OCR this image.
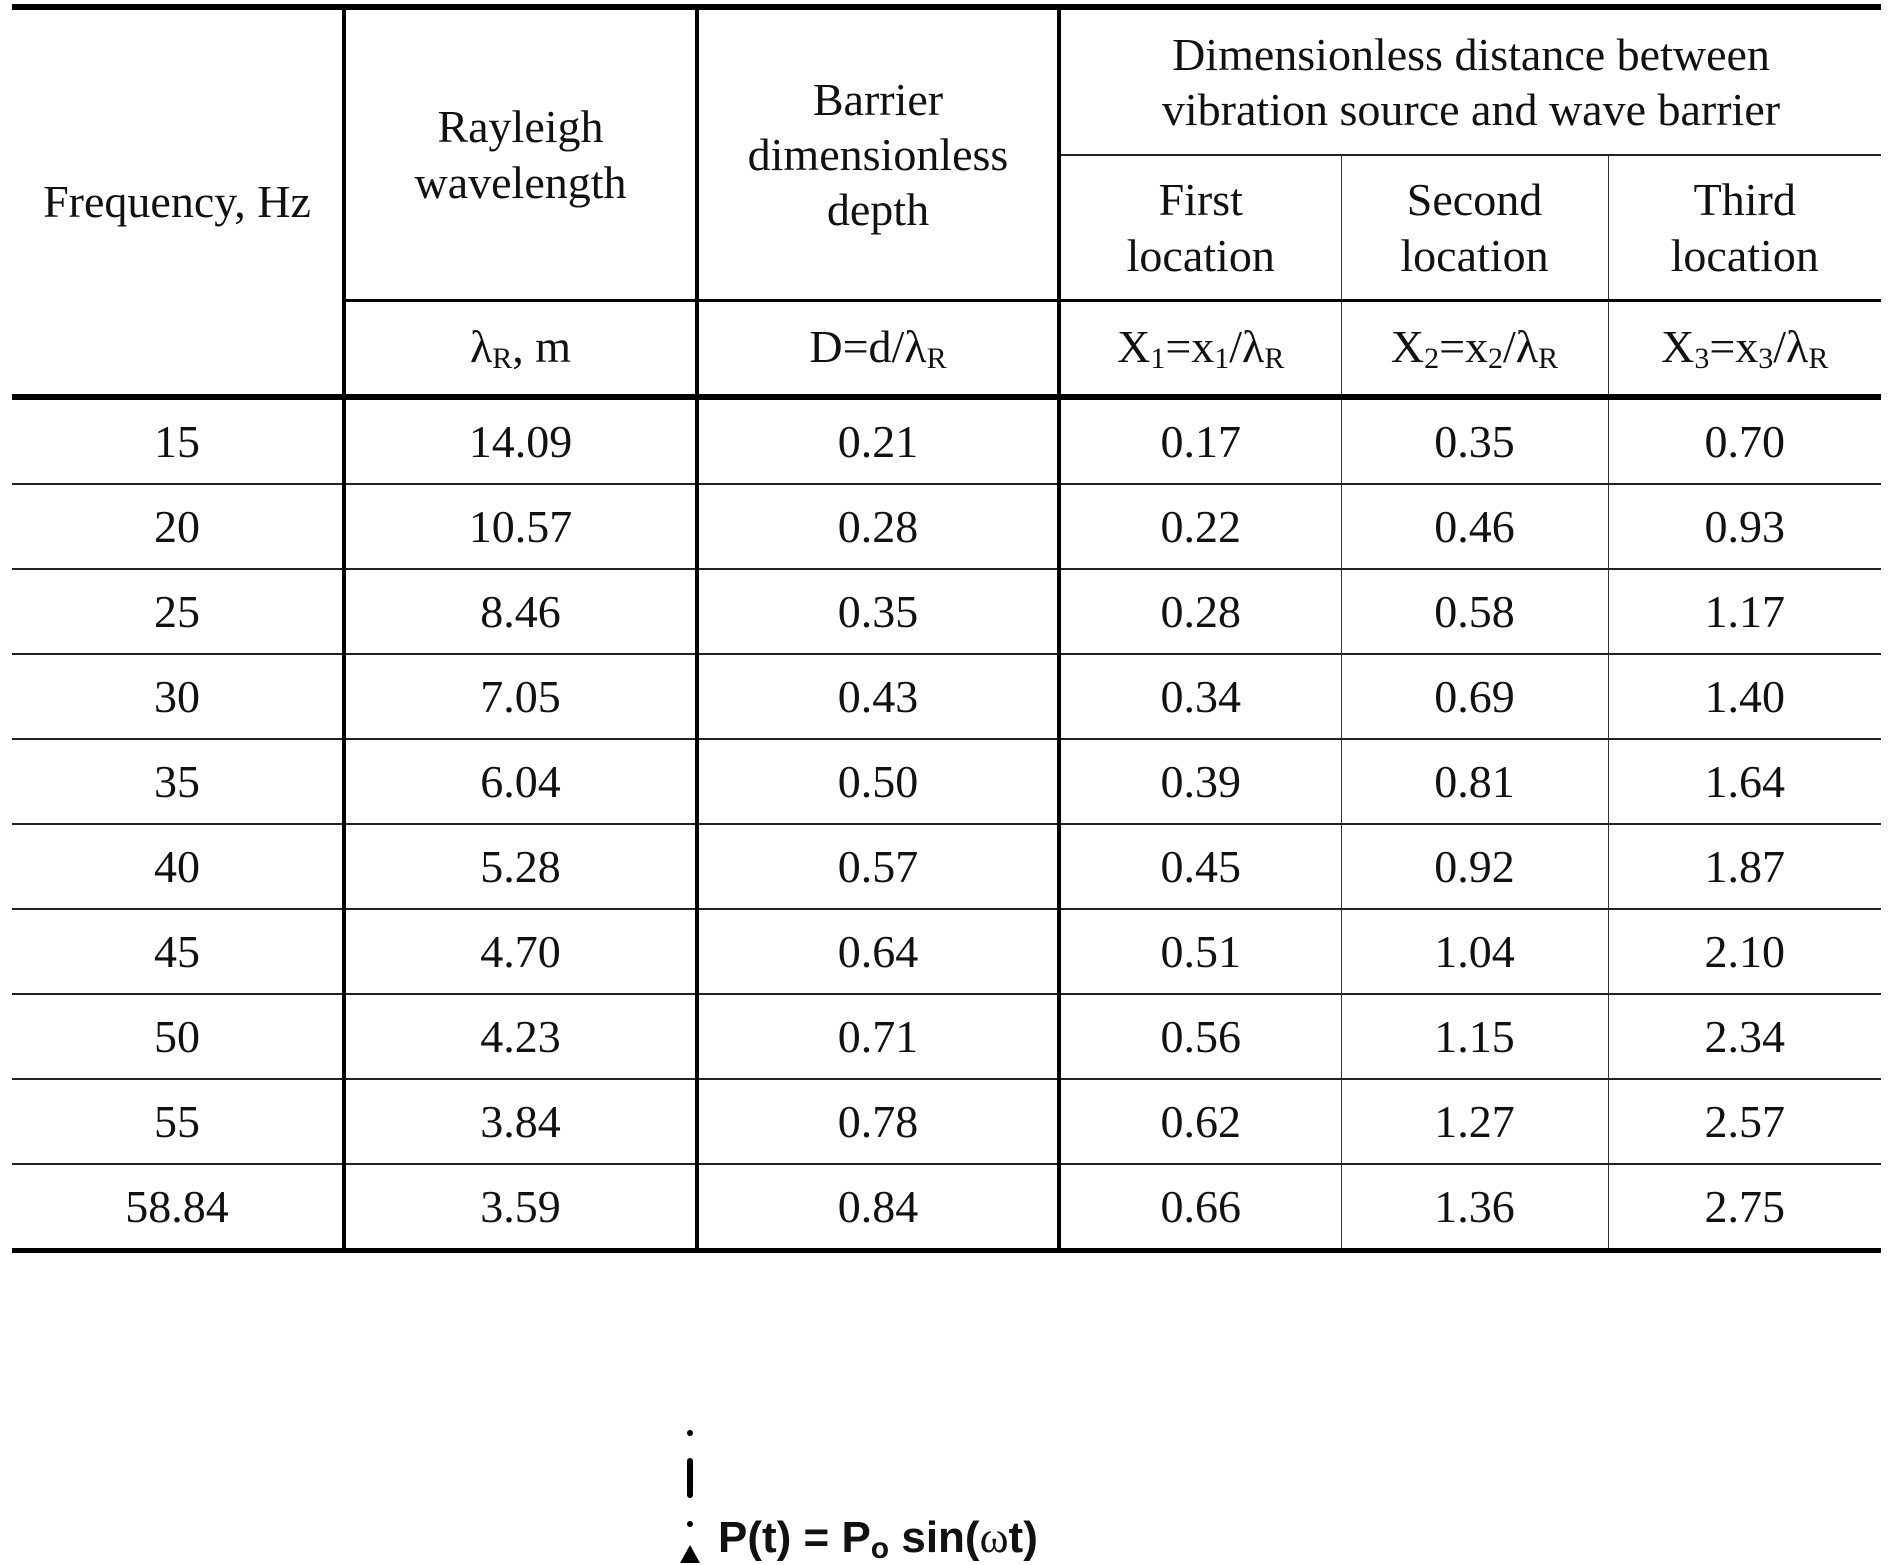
Frequency, Hz	Rayleigh wavelength	Barrier dimensionless depth	Dimensionless distance between vibration source and wave barrier		
			First location	Second location	Third location
	$\lambda_R$, m	$D=d/\lambda_R$	$X_1=x_1/\lambda_R$	$X_2=x_2/\lambda_R$	$X_3=x_3/\lambda_R$
15	14.09	0.21	0.17	0.35	0.70
20	10.57	0.28	0.22	0.46	0.93
25	8.46	0.35	0.28	0.58	1.17
30	7.05	0.43	0.34	0.69	1.40
35	6.04	0.50	0.39	0.81	1.64
40	5.28	0.57	0.45	0.92	1.87
45	4.70	0.64	0.51	1.04	2.10
50	4.23	0.71	0.56	1.15	2.34
55	3.84	0.78	0.62	1.27	2.57
58.84	3.59	0.84	0.66	1.36	2.75
$P(t) = P_o$ sin(ωt)
